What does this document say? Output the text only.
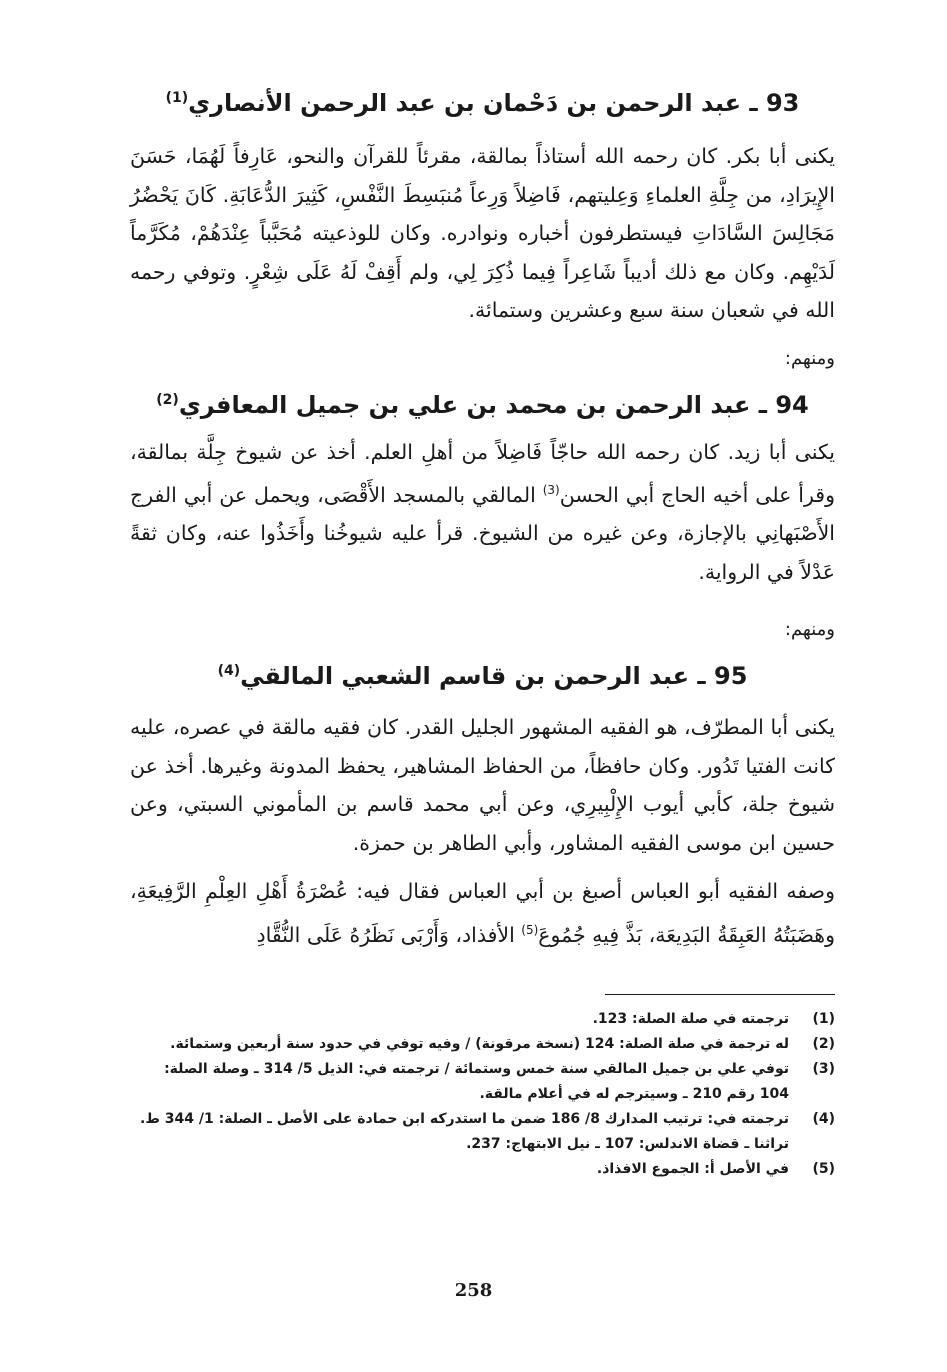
93 ـ عبد الرحمن بن دَحْمان بن عبد الرحمن الأنصاري$^{(1)}$

يكنى أبا بكر. كان رحمه الله أستاذاً بمالقة، مقرئاً للقرآن والنحو، عَارِفاً لَهُمَا، حَسَنَ الإِيرَادِ، من جِلَّةِ العلماءِ وَعِليتهم، فَاضِلاً وَرِعاً مُنبَسِطَ النَّفْسِ، كَثِيرَ الدُّعَابَةِ. كَانَ يَحْضُرُ مَجَالِسَ السَّادَاتِ فيستطرفون أخباره ونوادره. وكان للوذعيته مُحَبَّباً عِنْدَهُمْ، مُكَرَّماً لَدَيْهِم. وكان مع ذلك أديباً شَاعِراً فِيما ذُكِرَ لِي، ولم أَقِفْ لَهُ عَلَى شِعْرٍ. وتوفي رحمه الله في شعبان سنة سبع وعشرين وستمائة.

ومنهم:

94 ـ عبد الرحمن بن محمد بن علي بن جميل المعافري$^{(2)}$

يكنى أبا زيد. كان رحمه الله حاجّاً فَاضِلاً من أهلِ العلم. أخذ عن شيوخ جِلَّة بمالقة، وقرأ على أخيه الحاج أبي الحسن$^{(3)}$ المالقي بالمسجد الأَقْصَى، ويحمل عن أبي الفرج الأَصْبَهانِي بالإجازة، وعن غيره من الشيوخ. قرأ عليه شيوخُنا وأَخَذُوا عنه، وكان ثقةً عَدْلاً في الرواية.

ومنهم:

95 ـ عبد الرحمن بن قاسم الشعبي المالقي$^{(4)}$

يكنى أبا المطرّف، هو الفقيه المشهور الجليل القدر. كان فقيه مالقة في عصره، عليه كانت الفتيا تَدُور. وكان حافظاً، من الحفاظ المشاهير، يحفظ المدونة وغيرها. أخذ عن شيوخ جلة، كأبي أيوب الإِلْبِيرِي، وعن أبي محمد قاسم بن المأموني السبتي، وعن حسين ابن موسى الفقيه المشاور، وأبي الطاهر بن حمزة.

وصفه الفقيه أبو العباس أصبغ بن أبي العباس فقال فيه: عُصْرَةُ أَهْلِ العِلْمِ الرَّفِيعَةِ، وهَضَبَتُهُ العَبِقَةُ البَدِيعَة، بَذَّ فِيهِ جُمُوعَ$^{(5)}$ الأفذاد، وَأَرْبَى نَظَرُهُ عَلَى النُّقَّادِ

(1)
ترجمته في صلة الصلة: 123.
(2)
له ترجمة في صلة الصلة: 124 (نسخة مرقونة) / وفيه توفي في حدود سنة أربعين وستمائة.
(3)
توفي علي بن جميل المالقي سنة خمس وستمائة / ترجمته في: الذيل 5/ 314 ـ وصلة الصلة: 104 رقم 210 ـ وسيترجم له في أعلام مالقة.
(4)
ترجمته في: ترتيب المدارك 8/ 186 ضمن ما استدركه ابن حمادة على الأصل ـ الصلة: 1/ 344 ط. تراثنا ـ قضاة الاندلس: 107 ـ نيل الابتهاج: 237.
(5)
في الأصل أ: الجموع الافذاذ.
258
